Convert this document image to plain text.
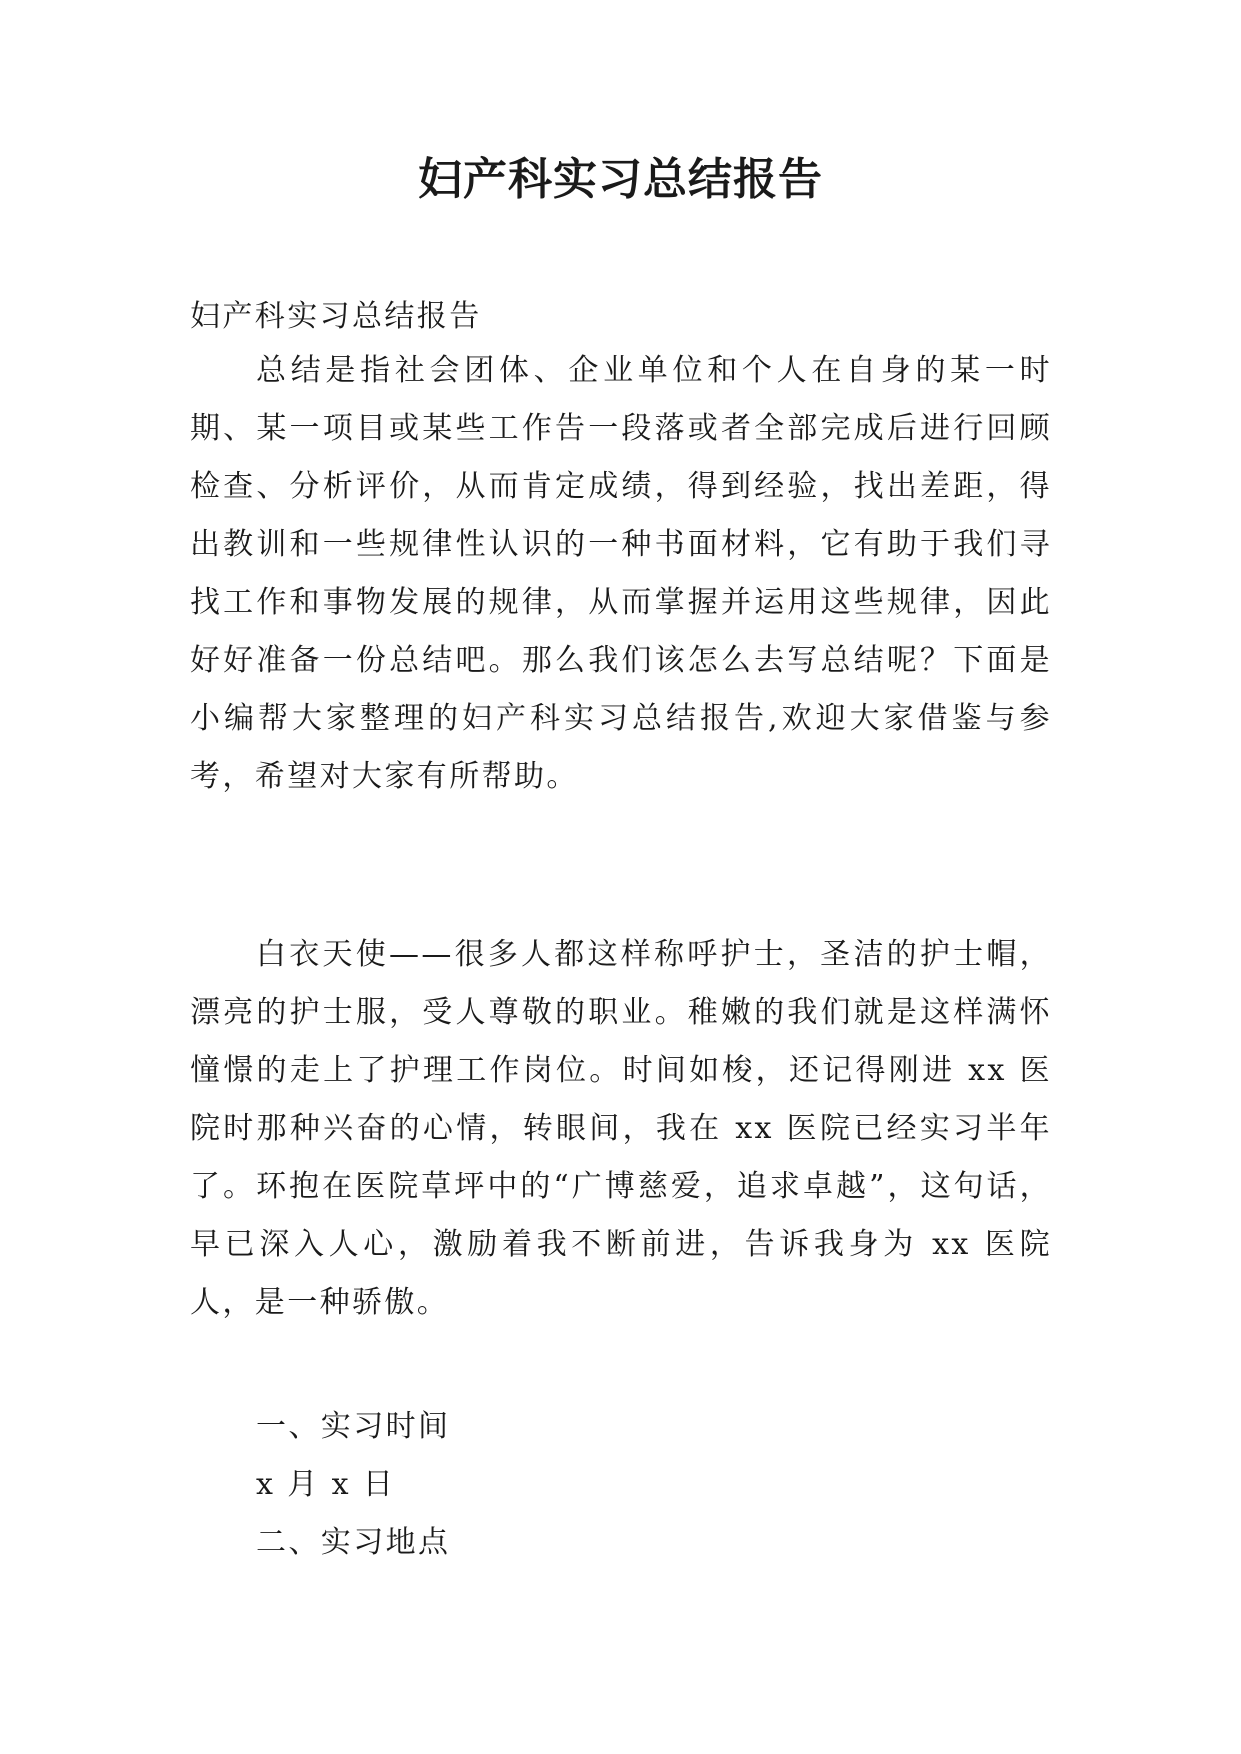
妇产科实习总结报告

妇产科实习总结报告

总结是指社会团体、企业单位和个人在自身的某一时期、某一项目或某些工作告一段落或者全部完成后进行回顾检查、分析评价，从而肯定成绩，得到经验，找出差距，得出教训和一些规律性认识的一种书面材料，它有助于我们寻找工作和事物发展的规律，从而掌握并运用这些规律，因此好好准备一份总结吧。那么我们该怎么去写总结呢？下面是小编帮大家整理的妇产科实习总结报告,欢迎大家借鉴与参考，希望对大家有所帮助。

白衣天使——很多人都这样称呼护士，圣洁的护士帽，漂亮的护士服，受人尊敬的职业。稚嫩的我们就是这样满怀憧憬的走上了护理工作岗位。时间如梭，还记得刚进 xx 医院时那种兴奋的心情，转眼间，我在 xx 医院已经实习半年了。环抱在医院草坪中的“广博慈爱，追求卓越”，这句话，早已深入人心，激励着我不断前进，告诉我身为 xx 医院人，是一种骄傲。

一、实习时间

x 月 x 日

二、实习地点
